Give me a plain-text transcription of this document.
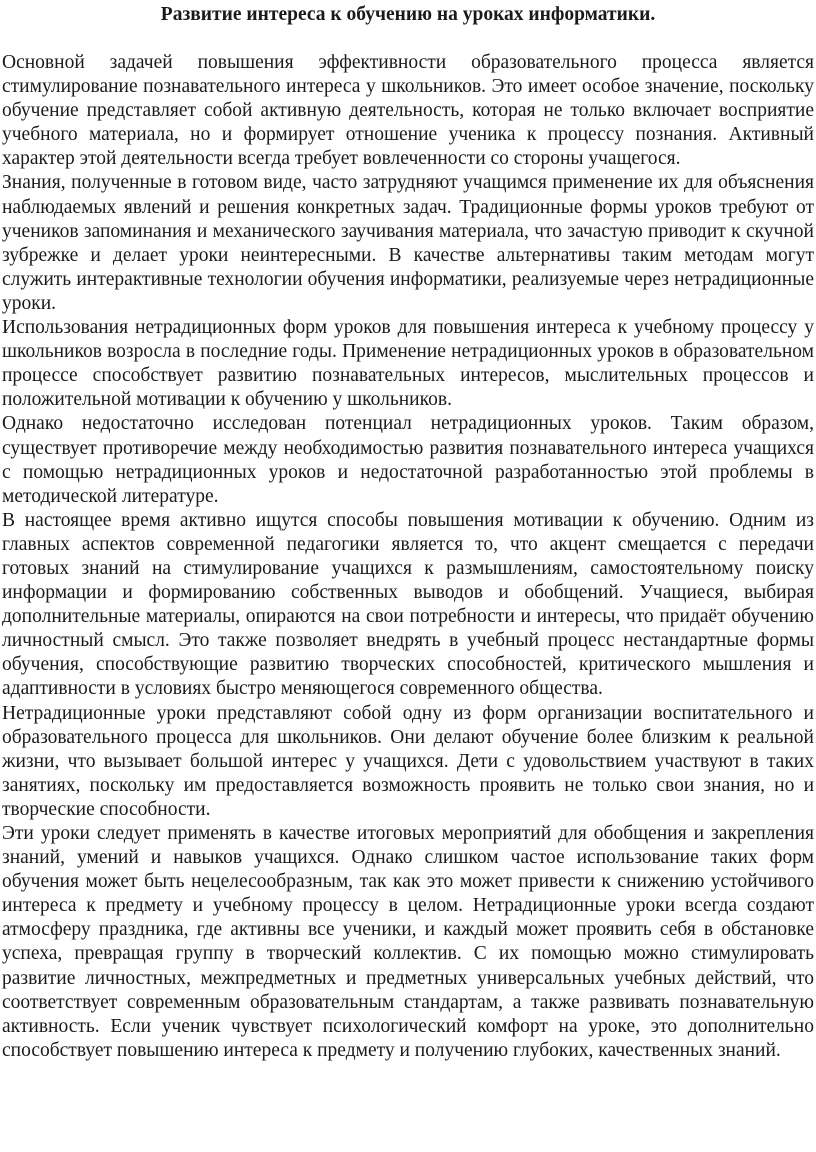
Развитие интереса к обучению на уроках информатики.

Основной задачей повышения эффективности образовательного процесса является стимулирование познавательного интереса у школьников. Это имеет особое значение, поскольку обучение представляет собой активную деятельность, которая не только включает восприятие учебного материала, но и формирует отношение ученика к процессу познания. Активный характер этой деятельности всегда требует вовлеченности со стороны учащегося.

Знания, полученные в готовом виде, часто затрудняют учащимся применение их для объяснения наблюдаемых явлений и решения конкретных задач. Традиционные формы уроков требуют от учеников запоминания и механического заучивания материала, что зачастую приводит к скучной зубрежке и делает уроки неинтересными. В качестве альтернативы таким методам могут служить интерактивные технологии обучения информатики, реализуемые через нетрадиционные уроки.

Использования нетрадиционных форм уроков для повышения интереса к учебному процессу у школьников возросла в последние годы. Применение нетрадиционных уроков в образовательном процессе способствует развитию познавательных интересов, мыслительных процессов и положительной мотивации к обучению у школьников.

Однако недостаточно исследован потенциал нетрадиционных уроков. Таким образом, существует противоречие между необходимостью развития познавательного интереса учащихся с помощью нетрадиционных уроков и недостаточной разработанностью этой проблемы в методической литературе.

В настоящее время активно ищутся способы повышения мотивации к обучению. Одним из главных аспектов современной педагогики является то, что акцент смещается с передачи готовых знаний на стимулирование учащихся к размышлениям, самостоятельному поиску информации и формированию собственных выводов и обобщений. Учащиеся, выбирая дополнительные материалы, опираются на свои потребности и интересы, что придаёт обучению личностный смысл. Это также позволяет внедрять в учебный процесс нестандартные формы обучения, способствующие развитию творческих способностей, критического мышления и адаптивности в условиях быстро меняющегося современного общества.

Нетрадиционные уроки представляют собой одну из форм организации воспитательного и образовательного процесса для школьников. Они делают обучение более близким к реальной жизни, что вызывает большой интерес у учащихся. Дети с удовольствием участвуют в таких занятиях, поскольку им предоставляется возможность проявить не только свои знания, но и творческие способности.

Эти уроки следует применять в качестве итоговых мероприятий для обобщения и закрепления знаний, умений и навыков учащихся. Однако слишком частое использование таких форм обучения может быть нецелесообразным, так как это может привести к снижению устойчивого интереса к предмету и учебному процессу в целом. Нетрадиционные уроки всегда создают атмосферу праздника, где активны все ученики, и каждый может проявить себя в обстановке успеха, превращая группу в творческий коллектив. С их помощью можно стимулировать развитие личностных, межпредметных и предметных универсальных учебных действий, что соответствует современным образовательным стандартам, а также развивать познавательную активность. Если ученик чувствует психологический комфорт на уроке, это дополнительно способствует повышению интереса к предмету и получению глубоких, качественных знаний.
